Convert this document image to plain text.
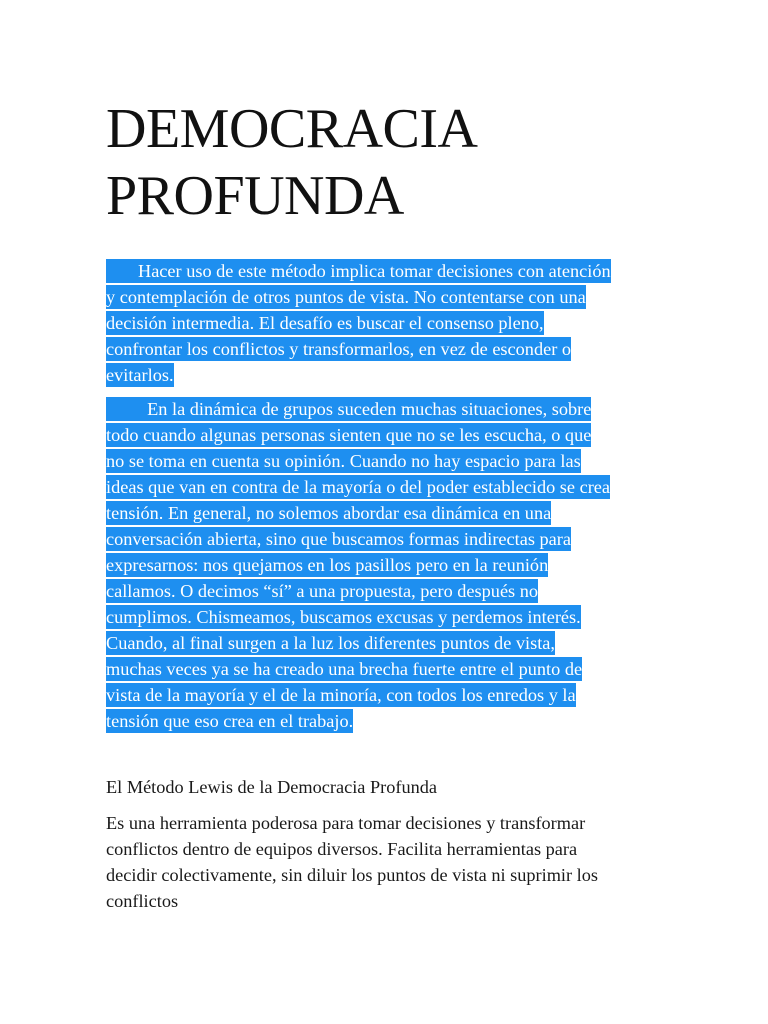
DEMOCRACIA
PROFUNDA
Hacer uso de este método implica tomar decisiones con atención
y contemplación de otros puntos de vista. No contentarse con una
decisión intermedia. El desafío es buscar el consenso pleno,
confrontar los conflictos y transformarlos, en vez de esconder o
evitarlos.
En la dinámica de grupos suceden muchas situaciones, sobre
todo cuando algunas personas sienten que no se les escucha, o que
no se toma en cuenta su opinión. Cuando no hay espacio para las
ideas que van en contra de la mayoría o del poder establecido se crea
tensión. En general, no solemos abordar esa dinámica en una
conversación abierta, sino que buscamos formas indirectas para
expresarnos: nos quejamos en los pasillos pero en la reunión
callamos. O decimos “sí” a una propuesta, pero después no
cumplimos. Chismeamos, buscamos excusas y perdemos interés.
Cuando, al final surgen a la luz los diferentes puntos de vista,
muchas veces ya se ha creado una brecha fuerte entre el punto de
vista de la mayoría y el de la minoría, con todos los enredos y la
tensión que eso crea en el trabajo.
El Método Lewis de la Democracia Profunda
Es una herramienta poderosa para tomar decisiones y transformar
conflictos dentro de equipos diversos. Facilita herramientas para
decidir colectivamente, sin diluir los puntos de vista ni suprimir los
conflictos
